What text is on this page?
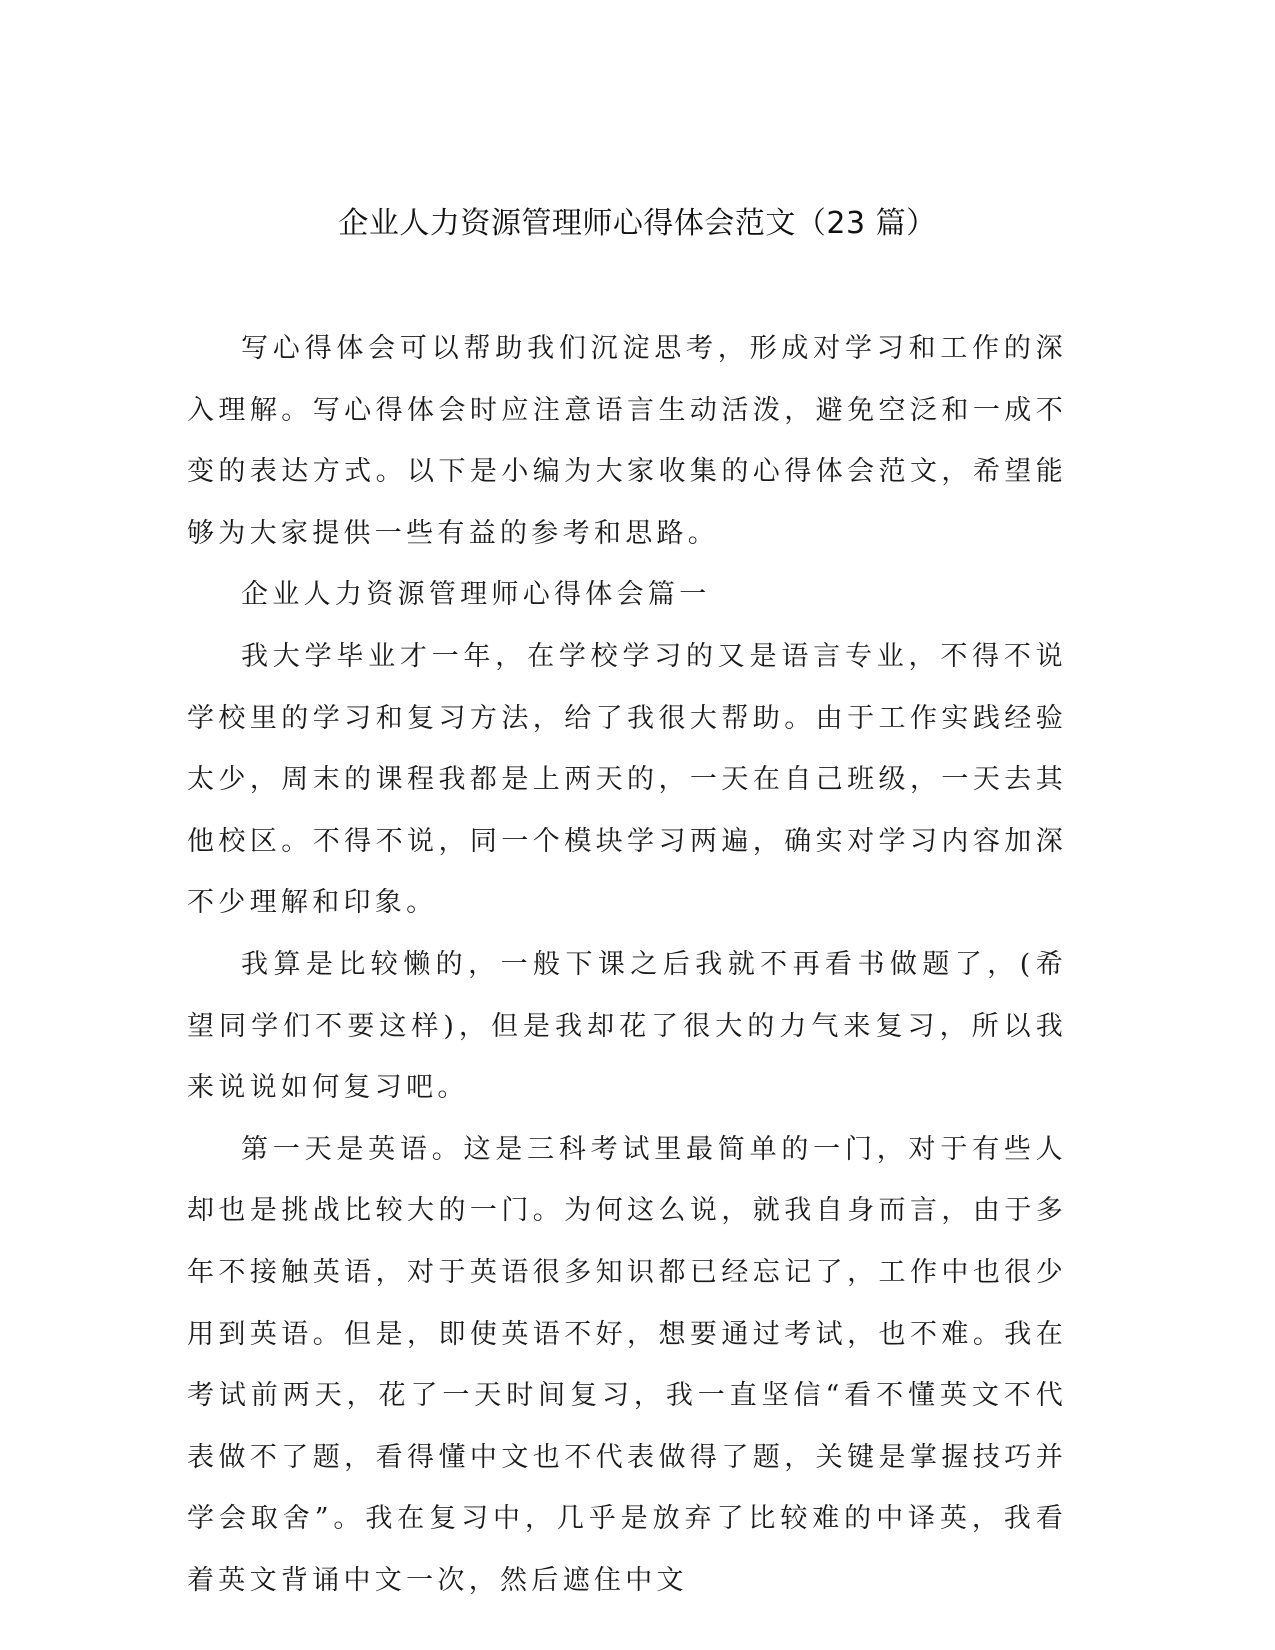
企业人力资源管理师心得体会范文（23 篇）

写心得体会可以帮助我们沉淀思考，形成对学习和工作的深入理解。写心得体会时应注意语言生动活泼，避免空泛和一成不变的表达方式。以下是小编为大家收集的心得体会范文，希望能够为大家提供一些有益的参考和思路。

企业人力资源管理师心得体会篇一

我大学毕业才一年，在学校学习的又是语言专业，不得不说学校里的学习和复习方法，给了我很大帮助。由于工作实践经验太少，周末的课程我都是上两天的，一天在自己班级，一天去其他校区。不得不说，同一个模块学习两遍，确实对学习内容加深不少理解和印象。

我算是比较懒的，一般下课之后我就不再看书做题了，(希望同学们不要这样)，但是我却花了很大的力气来复习，所以我来说说如何复习吧。

第一天是英语。这是三科考试里最简单的一门，对于有些人却也是挑战比较大的一门。为何这么说，就我自身而言，由于多年不接触英语，对于英语很多知识都已经忘记了，工作中也很少用到英语。但是，即使英语不好，想要通过考试，也不难。我在考试前两天，花了一天时间复习，我一直坚信“看不懂英文不代表做不了题，看得懂中文也不代表做得了题，关键是掌握技巧并学会取舍”。我在复习中，几乎是放弃了比较难的中译英，我看着英文背诵中文一次，然后遮住中文
